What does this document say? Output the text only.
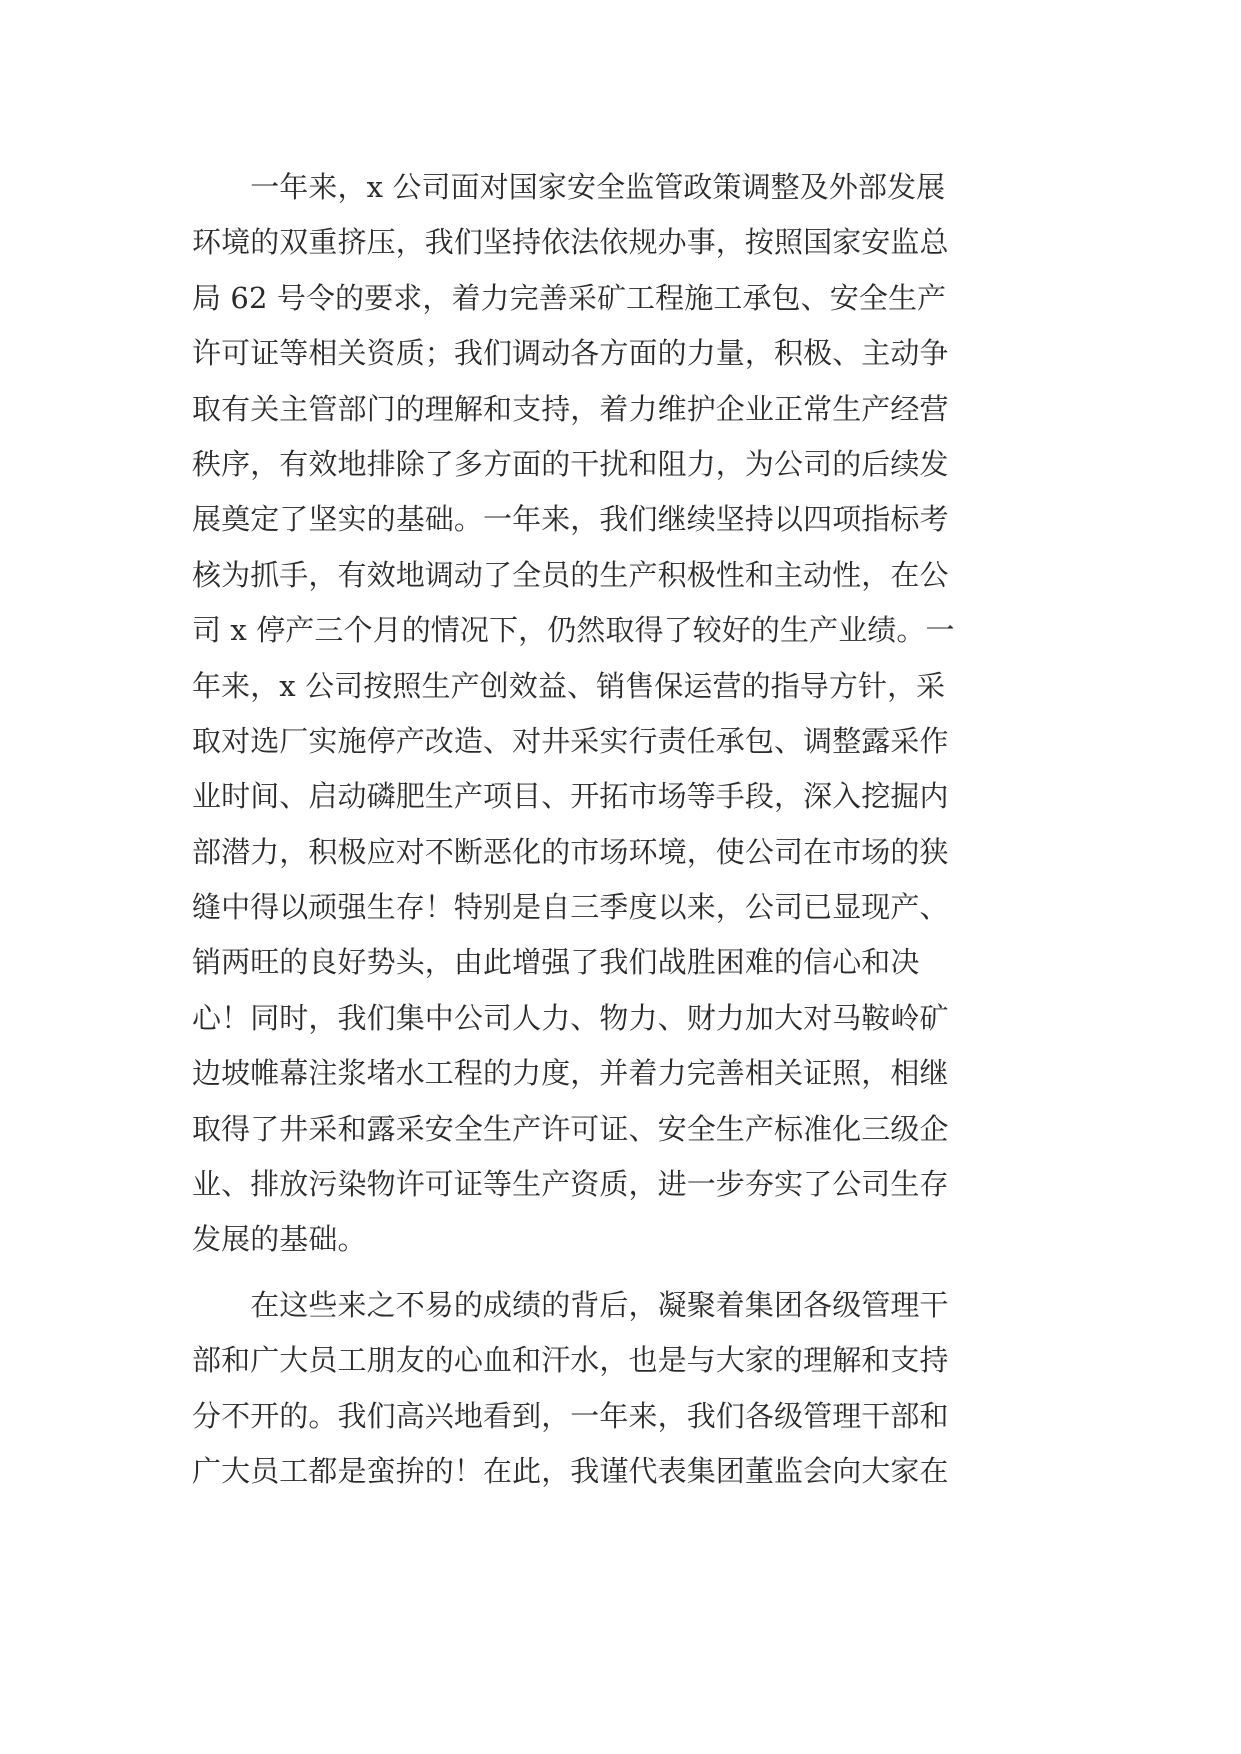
　　一年来，x 公司面对国家安全监管政策调整及外部发展
环境的双重挤压，我们坚持依法依规办事，按照国家安监总
局 62 号令的要求，着力完善采矿工程施工承包、安全生产
许可证等相关资质；我们调动各方面的力量，积极、主动争
取有关主管部门的理解和支持，着力维护企业正常生产经营
秩序，有效地排除了多方面的干扰和阻力，为公司的后续发
展奠定了坚实的基础。一年来，我们继续坚持以四项指标考
核为抓手，有效地调动了全员的生产积极性和主动性，在公
司 x 停产三个月的情况下，仍然取得了较好的生产业绩。一
年来，x 公司按照生产创效益、销售保运营的指导方针，采
取对选厂实施停产改造、对井采实行责任承包、调整露采作
业时间、启动磷肥生产项目、开拓市场等手段，深入挖掘内
部潜力，积极应对不断恶化的市场环境，使公司在市场的狭
缝中得以顽强生存！特别是自三季度以来，公司已显现产、
销两旺的良好势头，由此增强了我们战胜困难的信心和决
心！同时，我们集中公司人力、物力、财力加大对马鞍岭矿
边坡帷幕注浆堵水工程的力度，并着力完善相关证照，相继
取得了井采和露采安全生产许可证、安全生产标准化三级企
业、排放污染物许可证等生产资质，进一步夯实了公司生存
发展的基础。
　　在这些来之不易的成绩的背后，凝聚着集团各级管理干
部和广大员工朋友的心血和汗水，也是与大家的理解和支持
分不开的。我们高兴地看到，一年来，我们各级管理干部和
广大员工都是蛮拚的！在此，我谨代表集团董监会向大家在
